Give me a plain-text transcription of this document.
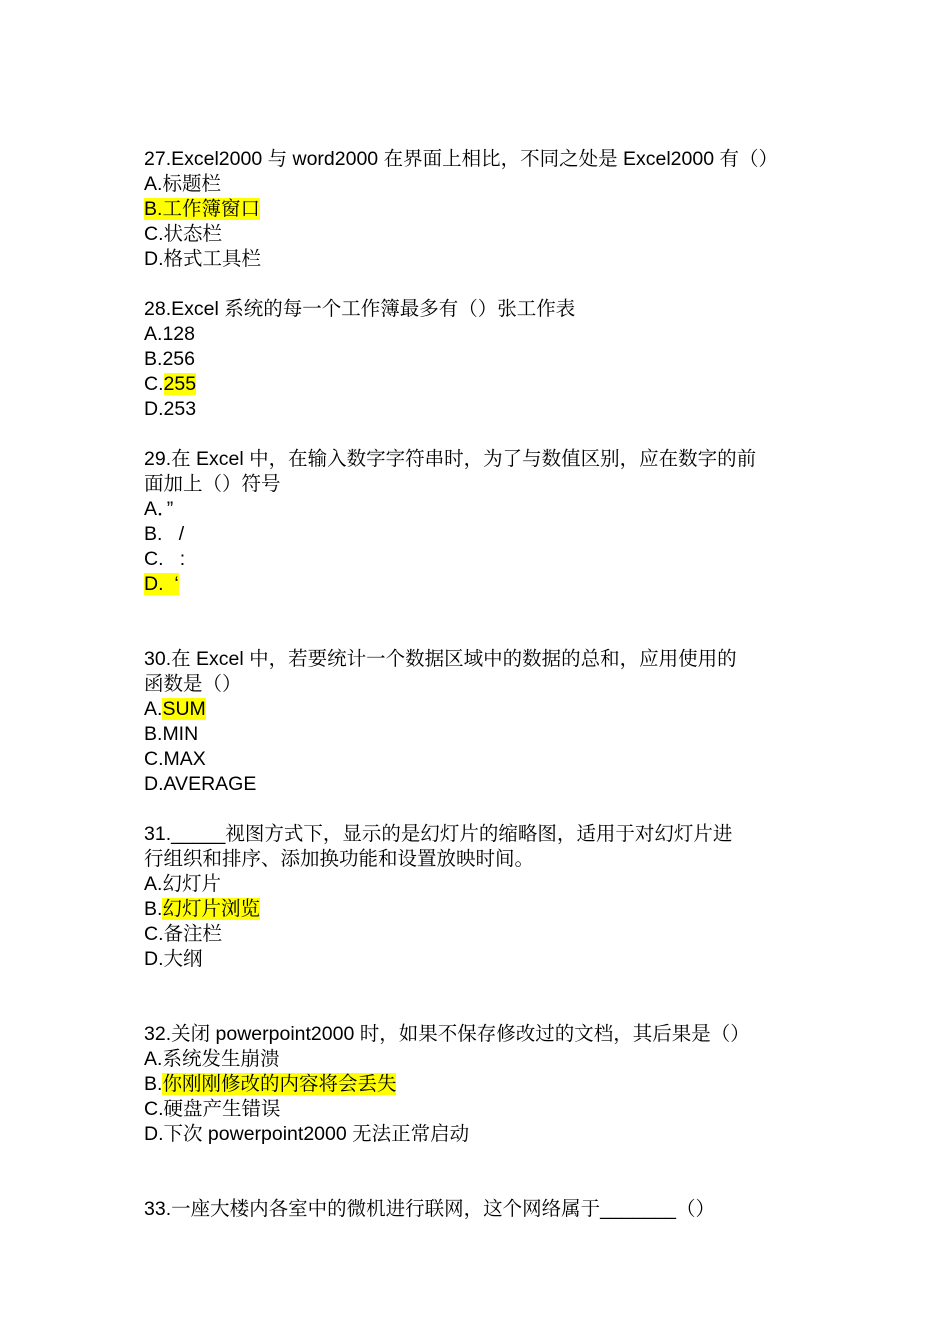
27.Excel2000 与 word2000 在界面上相比，不同之处是 Excel2000 有（）
A.标题栏
B.工作簿窗口
C.状态栏
D.格式工具栏
28.Excel 系统的每一个工作簿最多有（）张工作表
A.128
B.256
C.255
D.253
29.在 Excel 中，在输入数字字符串时，为了与数值区别，应在数字的前
面加上（）符号
A．”
B. /
C. :
D. ‘
30.在 Excel 中，若要统计一个数据区域中的数据的总和，应用使用的
函数是（）
A.SUM
B.MIN
C.MAX
D.AVERAGE
31._____视图方式下，显示的是幻灯片的缩略图，适用于对幻灯片进
行组织和排序、添加换功能和设置放映时间。
A.幻灯片
B.幻灯片浏览
C.备注栏
D.大纲
32.关闭 powerpoint2000 时，如果不保存修改过的文档，其后果是（）
A.系统发生崩溃
B.你刚刚修改的内容将会丢失
C.硬盘产生错误
D.下次 powerpoint2000 无法正常启动
33.一座大楼内各室中的微机进行联网，这个网络属于_______（）
